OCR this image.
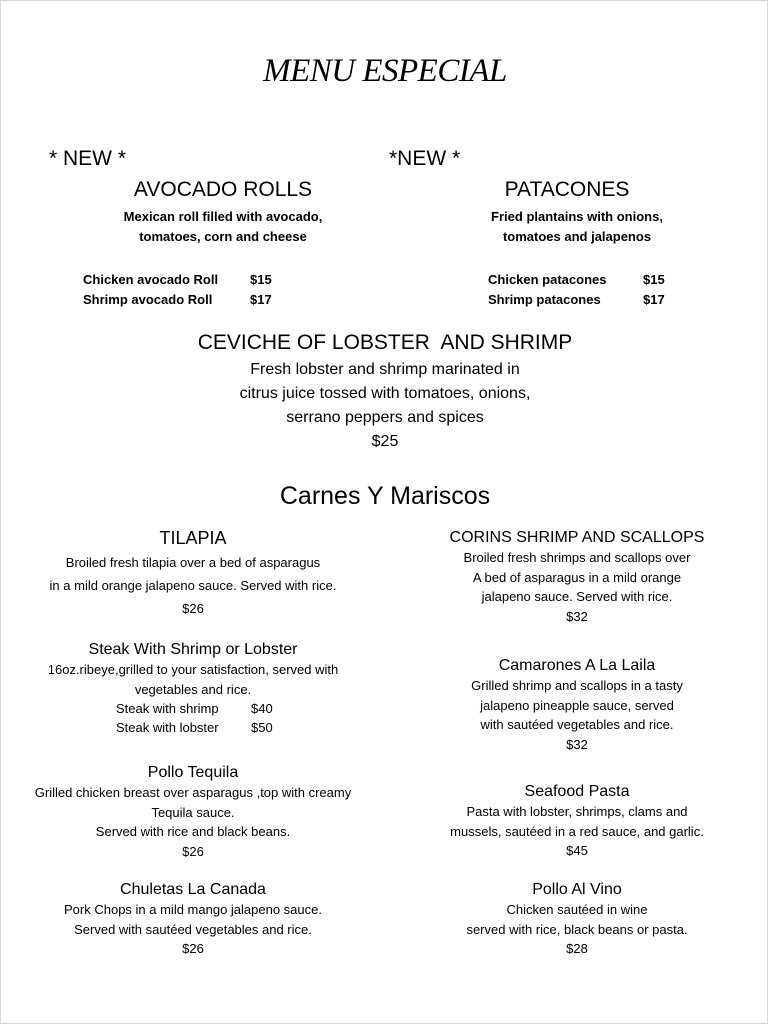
MENU ESPECIAL
* NEW *
AVOCADO ROLLS
Mexican roll filled with avocado,
tomatoes, corn and cheese
Chicken avocado Roll $15
Shrimp avocado Roll	$17
*NEW *
PATACONES
Fried plantains with onions,
tomatoes and jalapenos
Chicken patacones	$15
Shrimp patacones	$17
CEVICHE OF LOBSTER  AND SHRIMP
Fresh lobster and shrimp marinated in
citrus juice tossed with tomatoes, onions,
serrano peppers and spices
$25
Carnes Y Mariscos
TILAPIA
Broiled fresh tilapia over a bed of asparagus
in a mild orange jalapeno sauce. Served with rice.
$26
Steak With Shrimp or Lobster
16oz.ribeye,grilled to your satisfaction, served with
vegetables and rice.
Steak with shrimp $40
Steak with lobster $50
Pollo Tequila
Grilled chicken breast over asparagus ,top with creamy
Tequila sauce.
Served with rice and black beans.
$26
Chuletas La Canada
Pork Chops in a mild mango jalapeno sauce.
Served with sautéed vegetables and rice.
$26
CORINS SHRIMP AND SCALLOPS
Broiled fresh shrimps and scallops over
A bed of asparagus in a mild orange
jalapeno sauce. Served with rice.
$32
Camarones A La Laila
Grilled shrimp and scallops in a tasty
jalapeno pineapple sauce, served
with sautéed vegetables and rice.
$32
Seafood Pasta
Pasta with lobster, shrimps, clams and
mussels, sautéed in a red sauce, and garlic.
$45
Pollo Al Vino
Chicken sautéed in wine
served with rice, black beans or pasta.
$28
